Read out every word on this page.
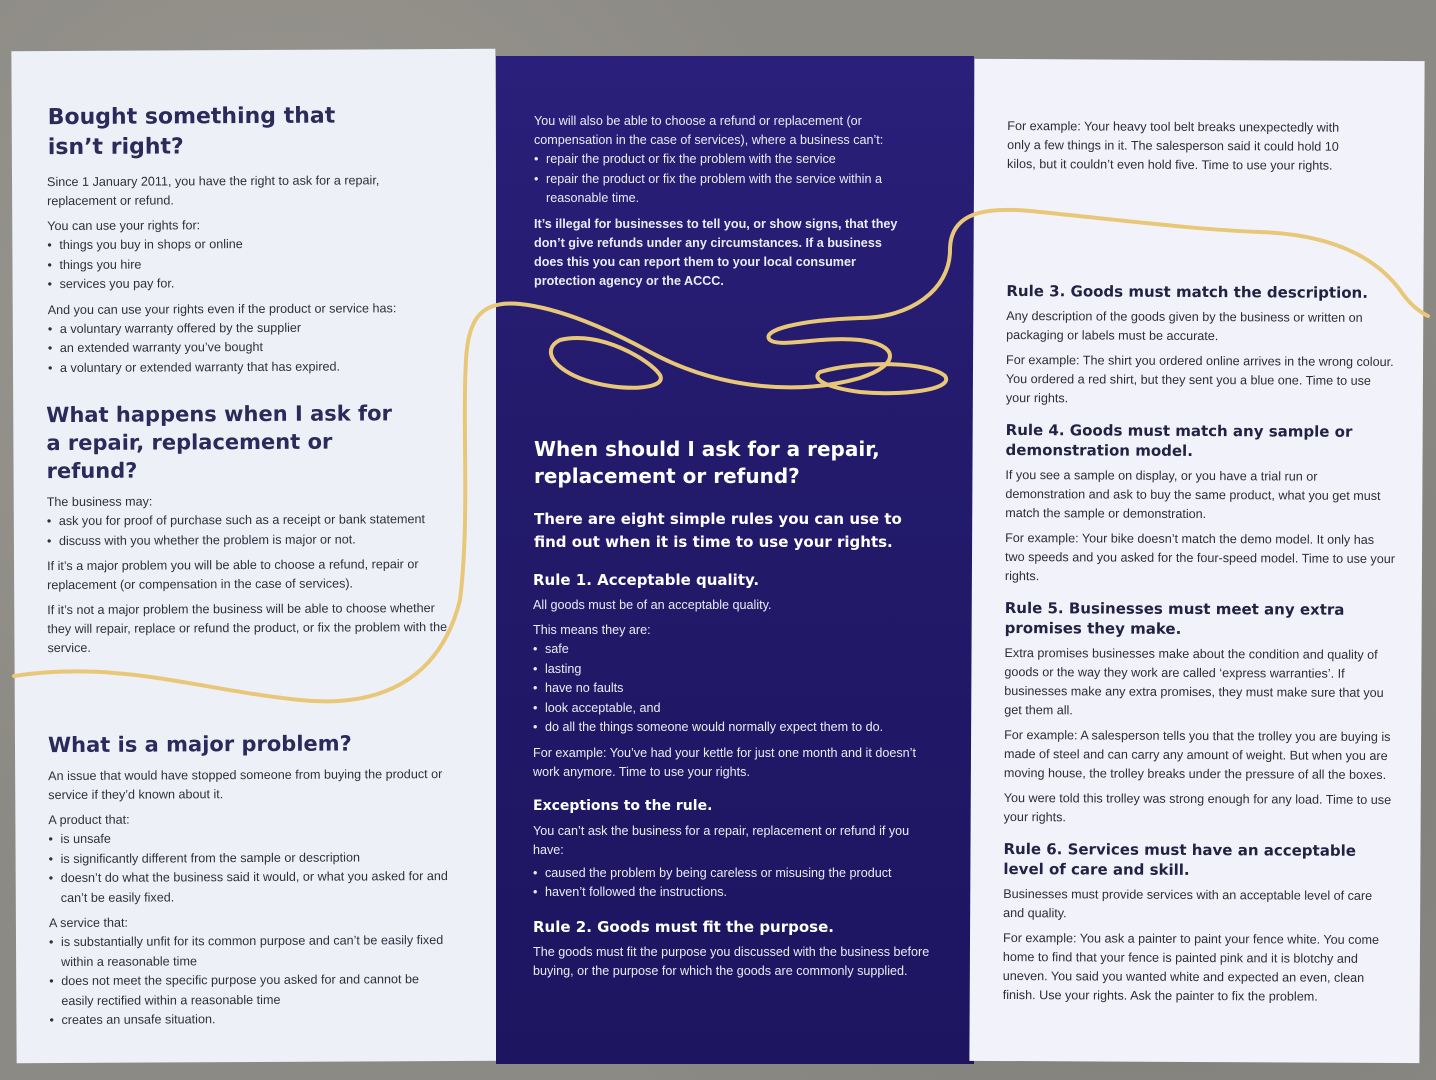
Bought something that isn’t right?

Since 1 January 2011, you have the right to ask for a repair, replacement or refund.

You can use your rights for:

• things you buy in shops or online
• things you hire
• services you pay for.

And you can use your rights even if the product or service has:

• a voluntary warranty offered by the supplier
• an extended warranty you’ve bought
• a voluntary or extended warranty that has expired.
What happens when I ask for a repair, replacement or refund?

The business may:

• ask you for proof of purchase such as a receipt or bank statement
• discuss with you whether the problem is major or not.

If it’s a major problem you will be able to choose a refund, repair or replacement (or compensation in the case of services).

If it’s not a major problem the business will be able to choose whether they will repair, replace or refund the product, or fix the problem with the service.

What is a major problem?

An issue that would have stopped someone from buying the product or service if they’d known about it.

A product that:

• is unsafe
• is significantly different from the sample or description
• doesn’t do what the business said it would, or what you asked for and can’t be easily fixed.

A service that:

• is substantially unfit for its common purpose and can’t be easily fixed within a reasonable time
• does not meet the specific purpose you asked for and cannot be easily rectified within a reasonable time
• creates an unsafe situation.

You will also be able to choose a refund or replacement (or compensation in the case of services), where a business can’t:

• repair the product or fix the problem with the service
• repair the product or fix the problem with the service within a reasonable time.

It’s illegal for businesses to tell you, or show signs, that they don’t give refunds under any circumstances. If a business does this you can report them to your local consumer protection agency or the ACCC.

When should I ask for a repair, replacement or refund?
There are eight simple rules you can use to find out when it is time to use your rights.

Rule 1. Acceptable quality.

All goods must be of an acceptable quality.

This means they are:

• safe
• lasting
• have no faults
• look acceptable, and
• do all the things someone would normally expect them to do.

For example: You’ve had your kettle for just one month and it doesn’t work anymore. Time to use your rights.

Exceptions to the rule.

You can’t ask the business for a repair, replacement or refund if you have:

• caused the problem by being careless or misusing the product
• haven’t followed the instructions.

Rule 2. Goods must fit the purpose.

The goods must fit the purpose you discussed with the business before buying, or the purpose for which the goods are commonly supplied.

For example: Your heavy tool belt breaks unexpectedly with only a few things in it. The salesperson said it could hold 10 kilos, but it couldn’t even hold five. Time to use your rights.

Rule 3. Goods must match the description.

Any description of the goods given by the business or written on packaging or labels must be accurate.

For example: The shirt you ordered online arrives in the wrong colour. You ordered a red shirt, but they sent you a blue one. Time to use your rights.

Rule 4. Goods must match any sample or demonstration model.

If you see a sample on display, or you have a trial run or demonstration and ask to buy the same product, what you get must match the sample or demonstration.

For example: Your bike doesn’t match the demo model. It only has two speeds and you asked for the four-speed model. Time to use your rights.

Rule 5. Businesses must meet any extra promises they make.

Extra promises businesses make about the condition and quality of goods or the way they work are called ‘express warranties’. If businesses make any extra promises, they must make sure that you get them all.

For example: A salesperson tells you that the trolley you are buying is made of steel and can carry any amount of weight. But when you are moving house, the trolley breaks under the pressure of all the boxes.

You were told this trolley was strong enough for any load. Time to use your rights.

Rule 6. Services must have an acceptable level of care and skill.

Businesses must provide services with an acceptable level of care and quality.

For example: You ask a painter to paint your fence white. You come home to find that your fence is painted pink and it is blotchy and uneven. You said you wanted white and expected an even, clean finish. Use your rights. Ask the painter to fix the problem.
